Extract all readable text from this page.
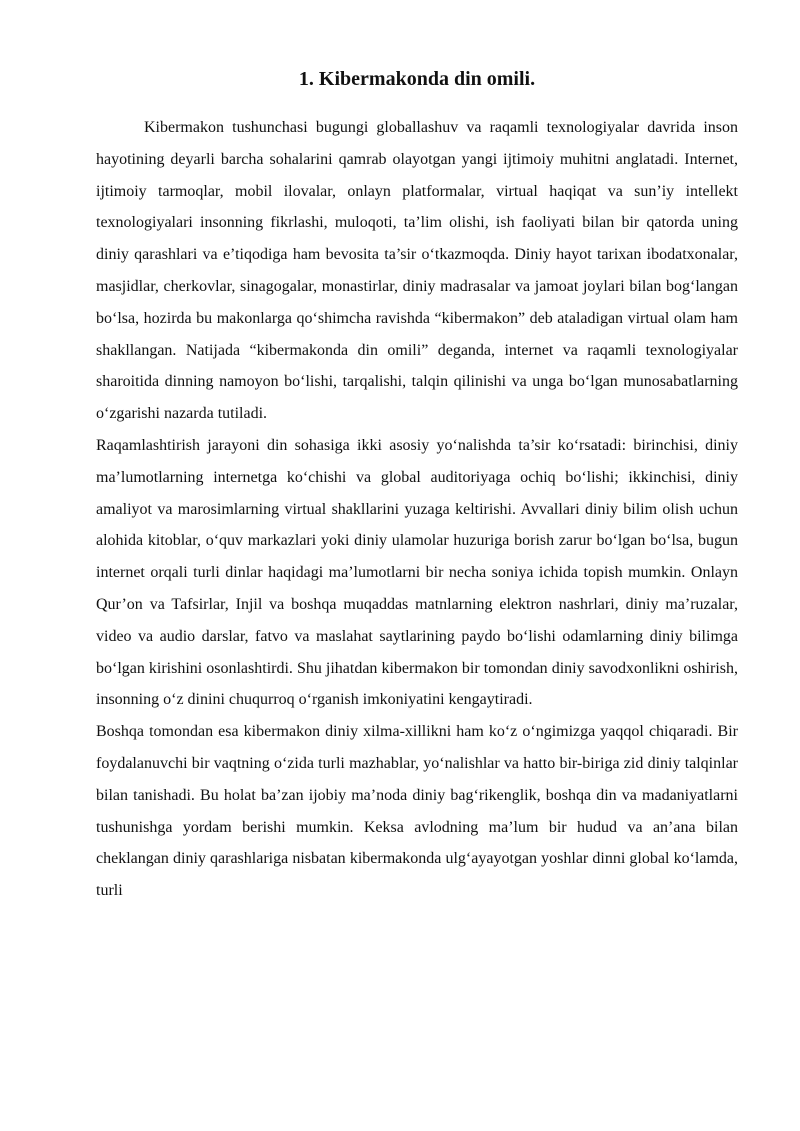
1. Kibermakonda din omili.

Kibermakon tushunchasi bugungi globallashuv va raqamli texnologiyalar davrida inson hayotining deyarli barcha sohalarini qamrab olayotgan yangi ijtimoiy muhitni anglatadi. Internet, ijtimoiy tarmoqlar, mobil ilovalar, onlayn platformalar, virtual haqiqat va sun’iy intellekt texnologiyalari insonning fikrlashi, muloqoti, ta’lim olishi, ish faoliyati bilan bir qatorda uning diniy qarashlari va e’tiqodiga ham bevosita ta’sir o‘tkazmoqda. Diniy hayot tarixan ibodatxonalar, masjidlar, cherkovlar, sinagogalar, monastirlar, diniy madrasalar va jamoat joylari bilan bog‘langan bo‘lsa, hozirda bu makonlarga qo‘shimcha ravishda “kibermakon” deb ataladigan virtual olam ham shakllangan. Natijada “kibermakonda din omili” deganda, internet va raqamli texnologiyalar sharoitida dinning namoyon bo‘lishi, tarqalishi, talqin qilinishi va unga bo‘lgan munosabatlarning o‘zgarishi nazarda tutiladi.

Raqamlashtirish jarayoni din sohasiga ikki asosiy yo‘nalishda ta’sir ko‘rsatadi: birinchisi, diniy ma’lumotlarning internetga ko‘chishi va global auditoriyaga ochiq bo‘lishi; ikkinchisi, diniy amaliyot va marosimlarning virtual shakllarini yuzaga keltirishi. Avvallari diniy bilim olish uchun alohida kitoblar, o‘quv markazlari yoki diniy ulamolar huzuriga borish zarur bo‘lgan bo‘lsa, bugun internet orqali turli dinlar haqidagi ma’lumotlarni bir necha soniya ichida topish mumkin. Onlayn Qur’on va Tafsirlar, Injil va boshqa muqaddas matnlarning elektron nashrlari, diniy ma’ruzalar, video va audio darslar, fatvo va maslahat saytlarining paydo bo‘lishi odamlarning diniy bilimga bo‘lgan kirishini osonlashtirdi. Shu jihatdan kibermakon bir tomondan diniy savodxonlikni oshirish, insonning o‘z dinini chuqurroq o‘rganish imkoniyatini kengaytiradi.

Boshqa tomondan esa kibermakon diniy xilma-xillikni ham ko‘z o‘ngimizga yaqqol chiqaradi. Bir foydalanuvchi bir vaqtning o‘zida turli mazhablar, yo‘nalishlar va hatto bir-biriga zid diniy talqinlar bilan tanishadi. Bu holat ba’zan ijobiy ma’noda diniy bag‘rikenglik, boshqa din va madaniyatlarni tushunishga yordam berishi mumkin. Keksa avlodning ma’lum bir hudud va an’ana bilan cheklangan diniy qarashlariga nisbatan kibermakonda ulg‘ayayotgan yoshlar dinni global ko‘lamda, turli
